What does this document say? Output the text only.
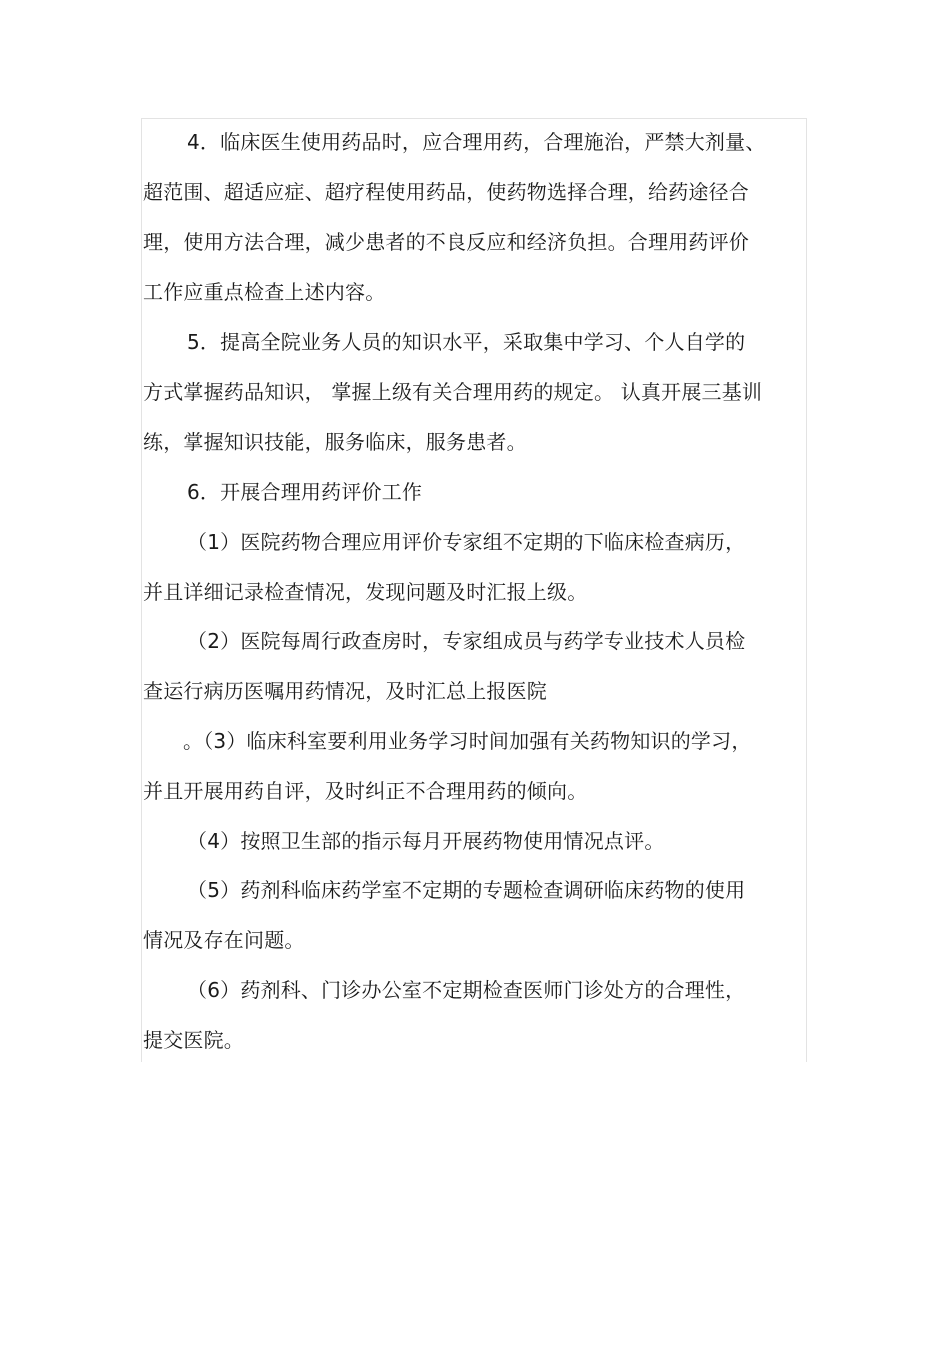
4．临床医生使用药品时，应合理用药，合理施治，严禁大剂量、
超范围、超适应症、超疗程使用药品，使药物选择合理，给药途径合
理，使用方法合理，减少患者的不良反应和经济负担。合理用药评价
工作应重点检查上述内容。
5．提高全院业务人员的知识水平，采取集中学习、个人自学的
方式掌握药品知识， 掌握上级有关合理用药的规定。 认真开展三基训
练，掌握知识技能，服务临床，服务患者。
6．开展合理用药评价工作
（1）医院药物合理应用评价专家组不定期的下临床检查病历，
并且详细记录检查情况，发现问题及时汇报上级。
（2）医院每周行政查房时，专家组成员与药学专业技术人员检
查运行病历医嘱用药情况，及时汇总上报医院
。（3）临床科室要利用业务学习时间加强有关药物知识的学习，
并且开展用药自评，及时纠正不合理用药的倾向。
（4）按照卫生部的指示每月开展药物使用情况点评。
（5）药剂科临床药学室不定期的专题检查调研临床药物的使用
情况及存在问题。
（6）药剂科、门诊办公室不定期检查医师门诊处方的合理性，
提交医院。
